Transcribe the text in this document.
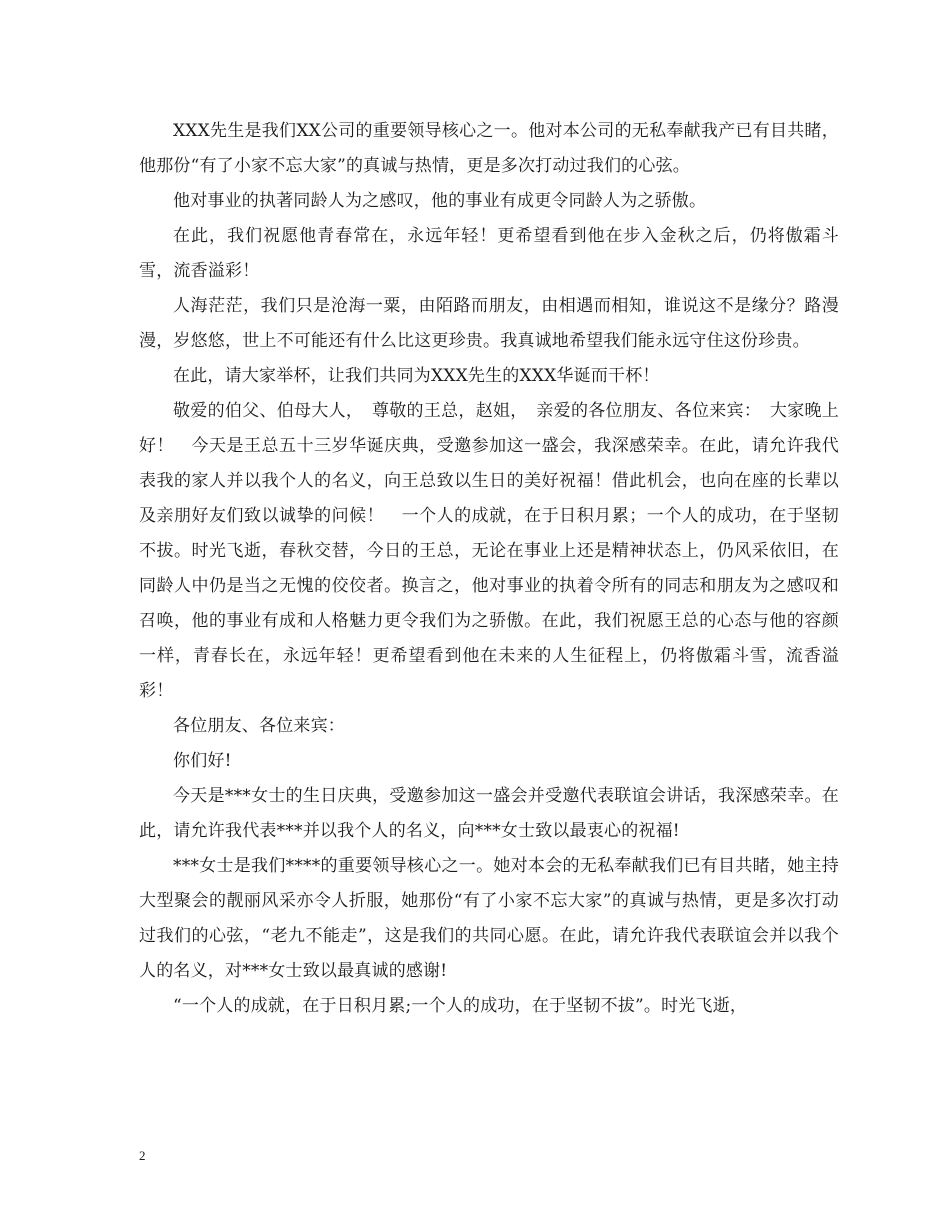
XXX先生是我们XX公司的重要领导核心之一。他对本公司的无私奉献我产已有目共睹，他那份“有了小家不忘大家”的真诚与热情，更是多次打动过我们的心弦。

他对事业的执著同龄人为之感叹，他的事业有成更令同龄人为之骄傲。

在此，我们祝愿他青春常在，永远年轻！更希望看到他在步入金秋之后，仍将傲霜斗雪，流香溢彩！

人海茫茫，我们只是沧海一粟，由陌路而朋友，由相遇而相知，谁说这不是缘分？路漫漫，岁悠悠，世上不可能还有什么比这更珍贵。我真诚地希望我们能永远守住这份珍贵。

在此，请大家举杯，让我们共同为XXX先生的XXX华诞而干杯！

敬爱的伯父、伯母大人，　尊敬的王总，赵姐，　亲爱的各位朋友、各位来宾：　大家晚上好！　今天是王总五十三岁华诞庆典，受邀参加这一盛会，我深感荣幸。在此，请允许我代表我的家人并以我个人的名义，向王总致以生日的美好祝福！借此机会，也向在座的长辈以及亲朋好友们致以诚挚的问候！　一个人的成就，在于日积月累；一个人的成功，在于坚韧不拔。时光飞逝，春秋交替，今日的王总，无论在事业上还是精神状态上，仍风采依旧，在同龄人中仍是当之无愧的佼佼者。换言之，他对事业的执着令所有的同志和朋友为之感叹和召唤，他的事业有成和人格魅力更令我们为之骄傲。在此，我们祝愿王总的心态与他的容颜一样，青春长在，永远年轻！更希望看到他在未来的人生征程上，仍将傲霜斗雪，流香溢彩！

各位朋友、各位来宾：

你们好!

今天是***女士的生日庆典，受邀参加这一盛会并受邀代表联谊会讲话，我深感荣幸。在此，请允许我代表***并以我个人的名义，向***女士致以最衷心的祝福!

***女士是我们****的重要领导核心之一。她对本会的无私奉献我们已有目共睹，她主持大型聚会的靓丽风采亦令人折服，她那份“有了小家不忘大家”的真诚与热情，更是多次打动过我们的心弦，“老九不能走”，这是我们的共同心愿。在此，请允许我代表联谊会并以我个人的名义，对***女士致以最真诚的感谢!

“一个人的成就，在于日积月累;一个人的成功，在于坚韧不拔”。时光飞逝，

2
